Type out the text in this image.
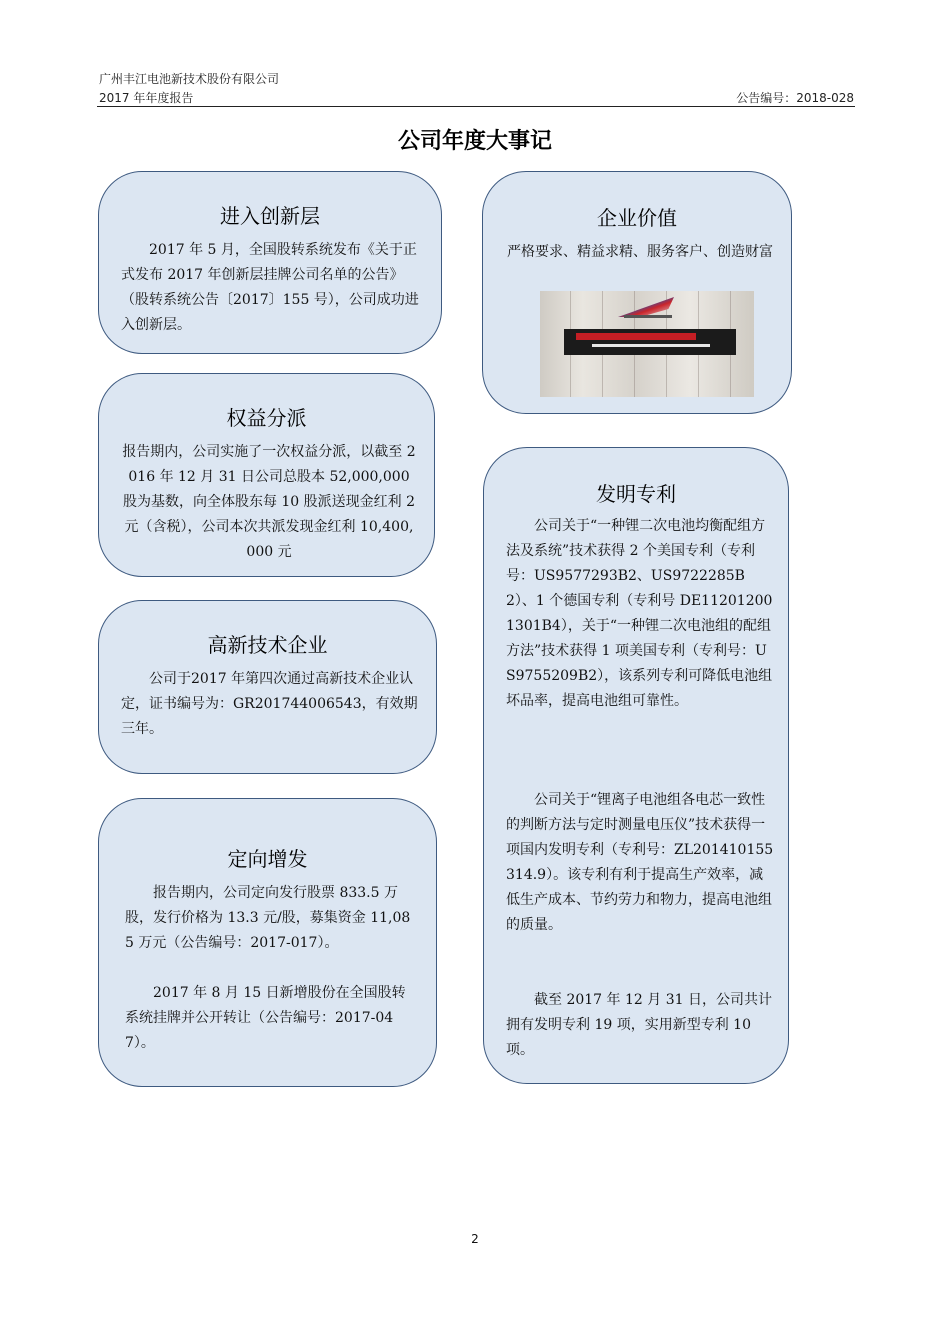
广州丰江电池新技术股份有限公司
2017 年年度报告	公告编号：2018-028
公司年度大事记
进入创新层
　　2017 年 5 月，全国股转系统发布《关于正式发布 2017 年创新层挂牌公司名单的公告》（股转系统公告〔2017〕155 号），公司成功进入创新层。
权益分派
报告期内，公司实施了一次权益分派，以截至 2016 年 12 月 31 日公司总股本 52,000,000 股为基数，向全体股东每 10 股派送现金红利 2 元（含税），公司本次共派发现金红利 10,400,000 元
高新技术企业
　　公司于2017 年第四次通过高新技术企业认定，证书编号为：GR201744006543，有效期三年。
定向增发
　　报告期内，公司定向发行股票 833.5 万股，发行价格为 13.3 元/股，募集资金 11,085 万元（公告编号：2017-017）。
　　2017 年 8 月 15 日新增股份在全国股转系统挂牌并公开转让（公告编号：2017-047）。
企业价值
严格要求、精益求精、服务客户、创造财富
发明专利
　　公司关于“一种锂二次电池均衡配组方法及系统”技术获得 2 个美国专利（专利号：US9577293B2、US9722285B2）、1 个德国专利（专利号 DE112012001301B4），关于“一种锂二次电池组的配组方法”技术获得 1 项美国专利（专利号：US9755209B2），该系列专利可降低电池组坏品率，提高电池组可靠性。
　　公司关于“锂离子电池组各电芯一致性的判断方法与定时测量电压仪”技术获得一项国内发明专利（专利号：ZL201410155314.9）。该专利有利于提高生产效率，减低生产成本、节约劳力和物力，提高电池组的质量。
　　截至 2017 年 12 月 31 日，公司共计拥有发明专利 19 项，实用新型专利 10 项。
2
